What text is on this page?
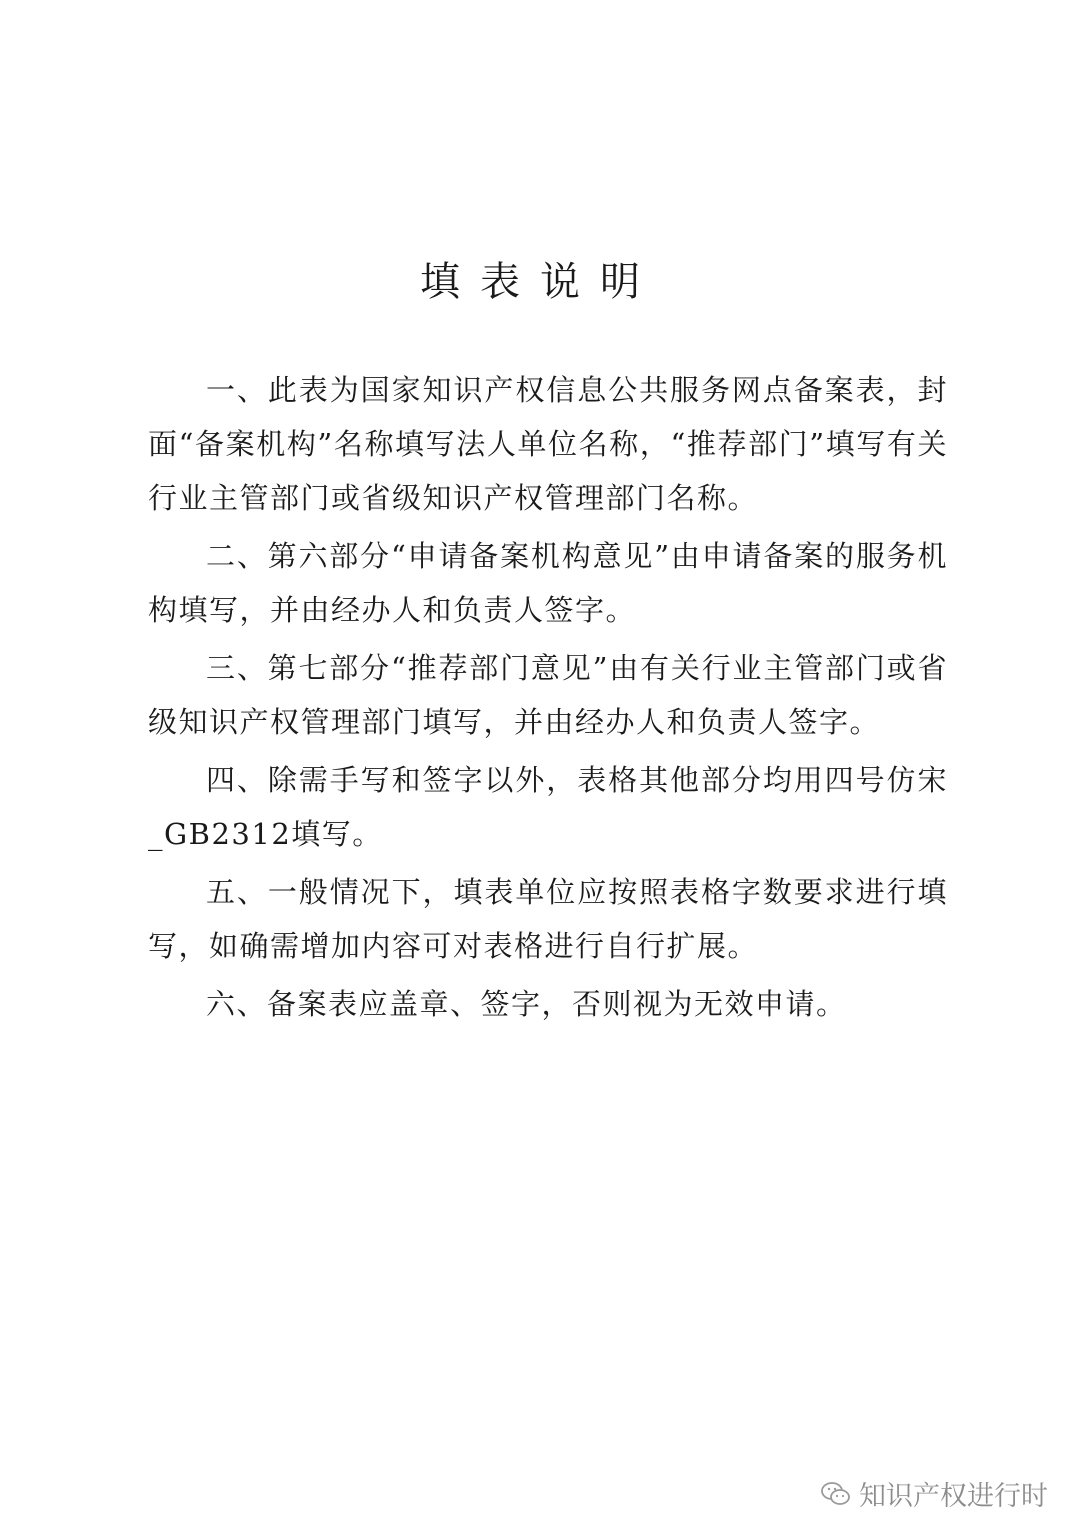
填表说明

一、此表为国家知识产权信息公共服务网点备案表，封面“备案机构”名称填写法人单位名称，“推荐部门”填写有关行业主管部门或省级知识产权管理部门名称。

二、第六部分“申请备案机构意见”由申请备案的服务机构填写，并由经办人和负责人签字。

三、第七部分“推荐部门意见”由有关行业主管部门或省级知识产权管理部门填写，并由经办人和负责人签字。

四、除需手写和签字以外，表格其他部分均用四号仿宋_GB2312填写。

五、一般情况下，填表单位应按照表格字数要求进行填写，如确需增加内容可对表格进行自行扩展。

六、备案表应盖章、签字，否则视为无效申请。

知识产权进行时
